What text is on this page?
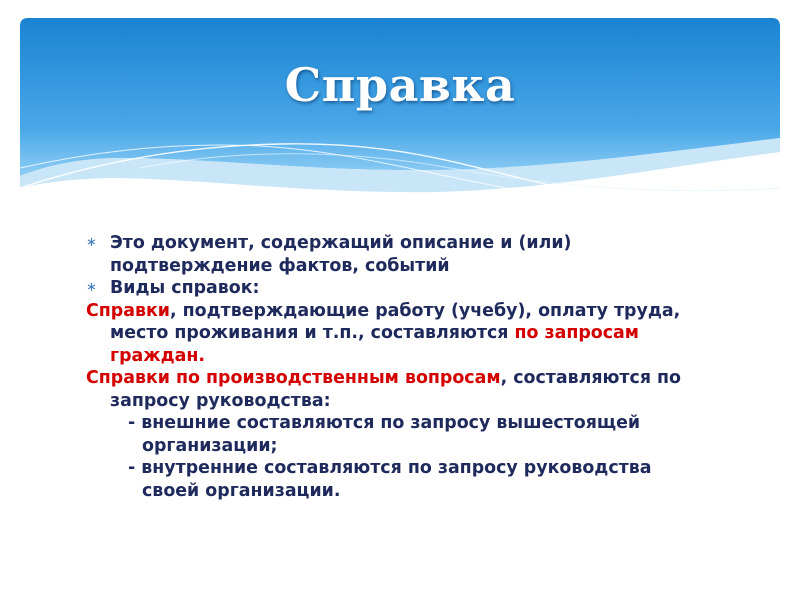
Справка

∗ Это документ, содержащий описание и (или) подтверждение фактов, событий

∗ Виды справок:

Справки, подтверждающие работу (учебу), оплату труда, место проживания и т.п., составляются по запросам граждан.

Справки по производственным вопросам, составляются по запросу руководства:

- внешние составляются по запросу вышестоящей организации;

- внутренние составляются по запросу руководства своей организации.
